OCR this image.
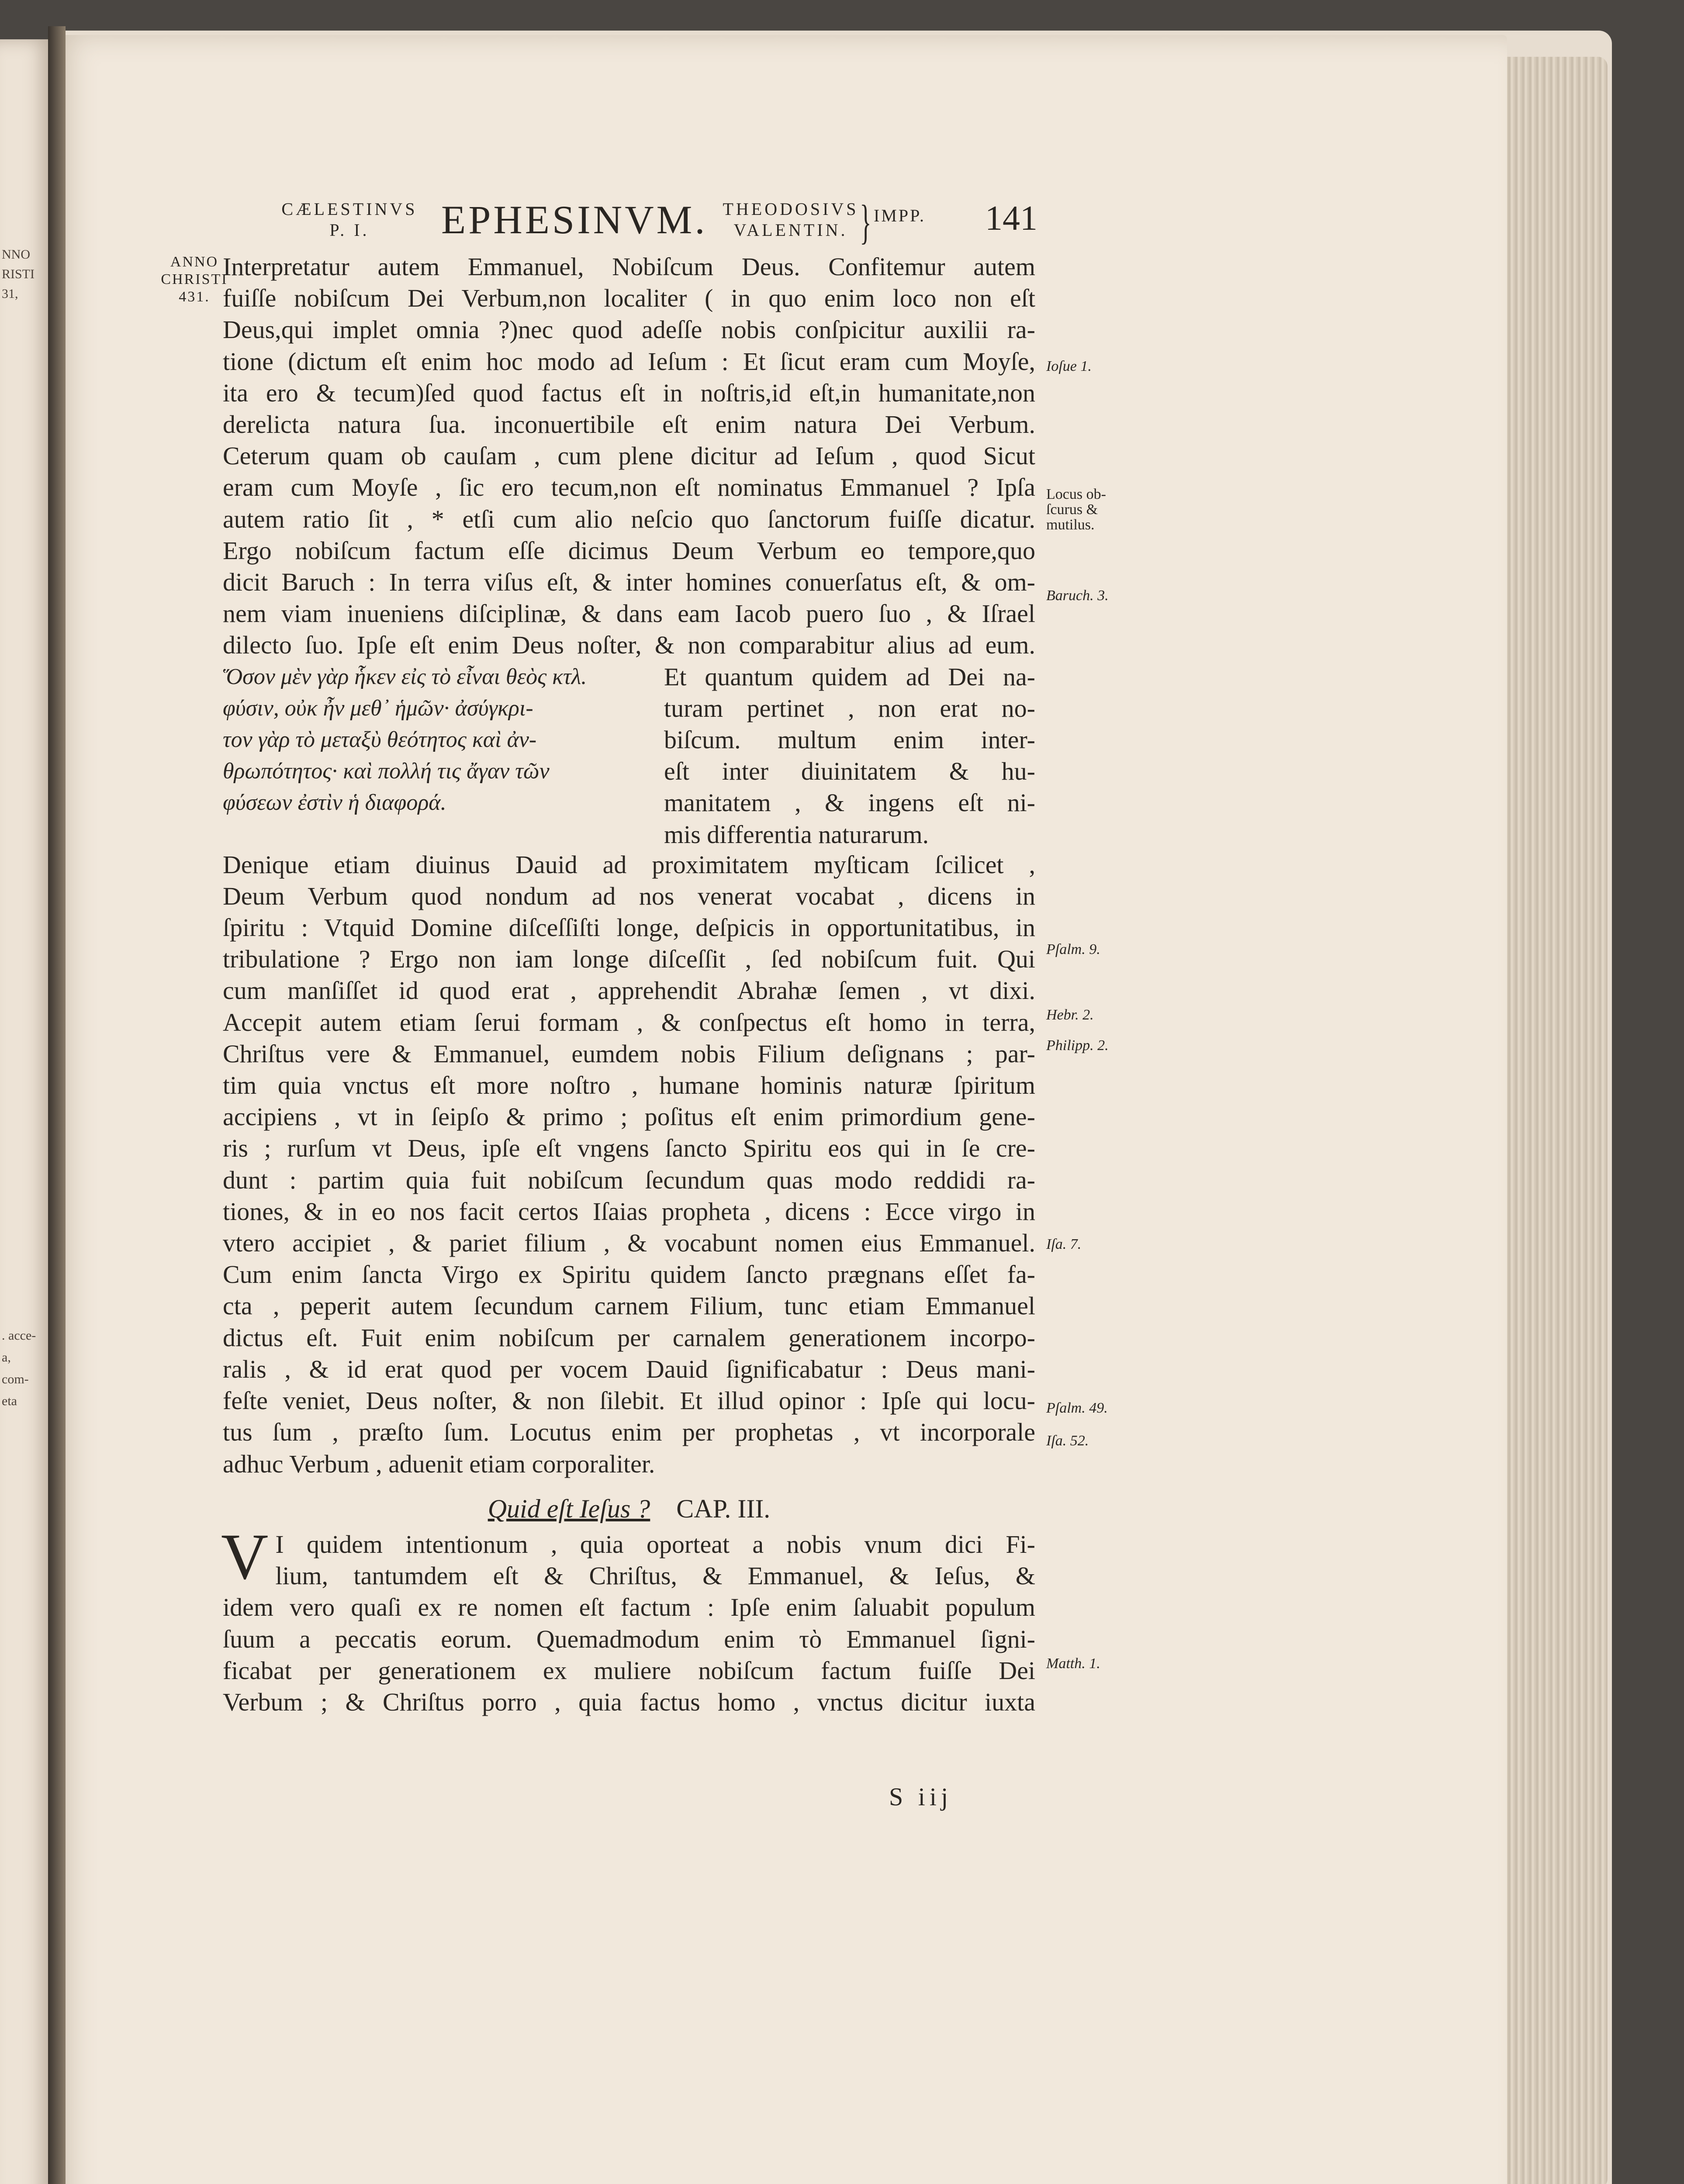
NNO
RISTI
31,
. acce-
a,
com-
eta
CÆLESTINVS
P. I.	EPHESINVM. THEODOSIVS
VALENTIN. } IMPP. 141
ANNO
CHRISTI
431.
Interpretatur autem Emmanuel, Nobiſcum Deus. Confitemur autem
fuiſſe nobiſcum Dei Verbum,non localiter ( in quo enim loco non eſt
Deus,qui implet omnia ?)nec quod adeſſe nobis conſpicitur auxilii ra-
tione (dictum eſt enim hoc modo ad Ieſum : Et ſicut eram cum Moyſe,
ita ero & tecum)ſed quod factus eſt in noſtris,id eſt,in humanitate,non
derelicta natura ſua. inconuertibile eſt enim natura Dei Verbum.
Ceterum quam ob cauſam , cum plene dicitur ad Ieſum , quod Sicut
eram cum Moyſe , ſic ero tecum,non eſt nominatus Emmanuel ? Ipſa
autem ratio ſit , * etſi cum alio neſcio quo ſanctorum fuiſſe dicatur.
Ergo nobiſcum factum eſſe dicimus Deum Verbum eo tempore,quo
dicit Baruch : In terra viſus eſt, & inter homines conuerſatus eſt, & om-
nem viam inueniens diſciplinæ, & dans eam Iacob puero ſuo , & Iſrael
dilecto ſuo. Ipſe eſt enim Deus noſter, & non comparabitur alius ad eum.
Ὅσον μὲν γὰρ ἧκεν εἰς τὸ εἶναι θεὸς κτλ.
φύσιν, οὐκ ἦν μεθ᾽ ἡμῶν· ἀσύγκρι-
τον γὰρ τὸ μεταξὺ θεότητος καὶ ἀν-
θρωπότητος· καὶ πολλή τις ἄγαν τῶν
φύσεων ἐστὶν ἡ διαφορά.
Et quantum quidem ad Dei na-
turam pertinet , non erat no-
biſcum. multum enim inter-
eſt inter diuinitatem & hu-
manitatem , & ingens eſt ni-
mis differentia naturarum.
Denique etiam diuinus Dauid ad proximitatem myſticam ſcilicet ,
Deum Verbum quod nondum ad nos venerat vocabat , dicens in
ſpiritu : Vtquid Domine diſceſſiſti longe, deſpicis in opportunitatibus, in
tribulatione ? Ergo non iam longe diſceſſit , ſed nobiſcum fuit. Qui
cum manſiſſet id quod erat , apprehendit Abrahæ ſemen , vt dixi.
Accepit autem etiam ſerui formam , & conſpectus eſt homo in terra,
Chriſtus vere & Emmanuel, eumdem nobis Filium deſignans ; par-
tim quia vnctus eſt more noſtro , humane hominis naturæ ſpiritum
accipiens , vt in ſeipſo & primo ; poſitus eſt enim primordium gene-
ris ; rurſum vt Deus, ipſe eſt vngens ſancto Spiritu eos qui in ſe cre-
dunt : partim quia fuit nobiſcum ſecundum quas modo reddidi ra-
tiones, & in eo nos facit certos Iſaias propheta , dicens : Ecce virgo in
vtero accipiet , & pariet filium , & vocabunt nomen eius Emmanuel.
Cum enim ſancta Virgo ex Spiritu quidem ſancto prægnans eſſet fa-
cta , peperit autem ſecundum carnem Filium, tunc etiam Emmanuel
dictus eſt. Fuit enim nobiſcum per carnalem generationem incorpo-
ralis , & id erat quod per vocem Dauid ſignificabatur : Deus mani-
feſte veniet, Deus noſter, & non ſilebit. Et illud opinor : Ipſe qui locu-
tus ſum , præſto ſum. Locutus enim per prophetas , vt incorporale
adhuc Verbum , aduenit etiam corporaliter.
Quid eſt Ieſus ? CAP. III.
V I quidem intentionum , quia oporteat a nobis vnum dici Fi-
lium, tantumdem eſt & Chriſtus, & Emmanuel, & Ieſus, &
idem vero quaſi ex re nomen eſt factum : Ipſe enim ſaluabit populum
ſuum a peccatis eorum. Quemadmodum enim τὸ Emmanuel ſigni-
ficabat per generationem ex muliere nobiſcum factum fuiſſe Dei
Verbum ; & Chriſtus porro , quia factus homo , vnctus dicitur iuxta
Ioſue 1.
Locus ob-
ſcurus &
mutilus.
Baruch. 3.
Pſalm. 9.
Hebr. 2.
Philipp. 2.
Iſa. 7.
Pſalm. 49.
Iſa. 52.
Matth. 1.
S iij
